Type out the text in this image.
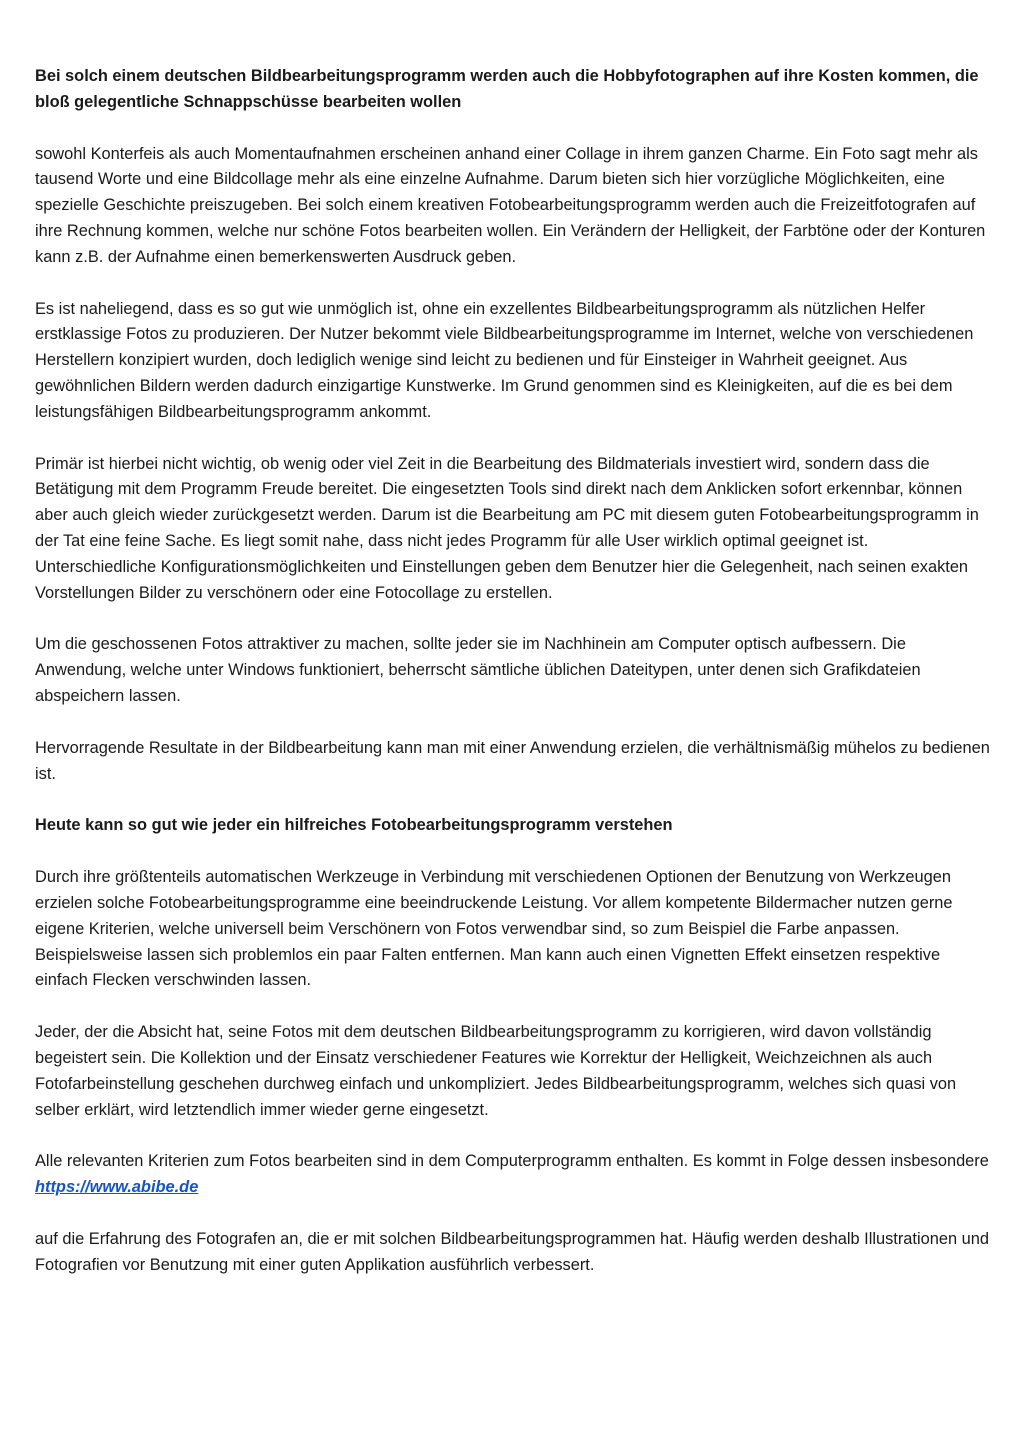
Bei solch einem deutschen Bildbearbeitungsprogramm werden auch die Hobbyfotographen auf ihre Kosten kommen, die bloß gelegentliche Schnappschüsse bearbeiten wollen

sowohl Konterfeis als auch Momentaufnahmen erscheinen anhand einer Collage in ihrem ganzen Charme. Ein Foto sagt mehr als tausend Worte und eine Bildcollage mehr als eine einzelne Aufnahme. Darum bieten sich hier vorzügliche Möglichkeiten, eine spezielle Geschichte preiszugeben. Bei solch einem kreativen Fotobearbeitungsprogramm werden auch die Freizeitfotografen auf ihre Rechnung kommen, welche nur schöne Fotos bearbeiten wollen. Ein Verändern der Helligkeit, der Farbtöne oder der Konturen kann z.B. der Aufnahme einen bemerkenswerten Ausdruck geben.

Es ist naheliegend, dass es so gut wie unmöglich ist, ohne ein exzellentes Bildbearbeitungsprogramm als nützlichen Helfer erstklassige Fotos zu produzieren. Der Nutzer bekommt viele Bildbearbeitungsprogramme im Internet, welche von verschiedenen Herstellern konzipiert wurden, doch lediglich wenige sind leicht zu bedienen und für Einsteiger in Wahrheit geeignet. Aus gewöhnlichen Bildern werden dadurch einzigartige Kunstwerke. Im Grund genommen sind es Kleinigkeiten, auf die es bei dem leistungsfähigen Bildbearbeitungsprogramm ankommt.

Primär ist hierbei nicht wichtig, ob wenig oder viel Zeit in die Bearbeitung des Bildmaterials investiert wird, sondern dass die Betätigung mit dem Programm Freude bereitet. Die eingesetzten Tools sind direkt nach dem Anklicken sofort erkennbar, können aber auch gleich wieder zurückgesetzt werden. Darum ist die Bearbeitung am PC mit diesem guten Fotobearbeitungsprogramm in der Tat eine feine Sache. Es liegt somit nahe, dass nicht jedes Programm für alle User wirklich optimal geeignet ist. Unterschiedliche Konfigurationsmöglichkeiten und Einstellungen geben dem Benutzer hier die Gelegenheit, nach seinen exakten Vorstellungen Bilder zu verschönern oder eine Fotocollage zu erstellen.

Um die geschossenen Fotos attraktiver zu machen, sollte jeder sie im Nachhinein am Computer optisch aufbessern. Die Anwendung, welche unter Windows funktioniert, beherrscht sämtliche üblichen Dateitypen, unter denen sich Grafikdateien abspeichern lassen.

Hervorragende Resultate in der Bildbearbeitung kann man mit einer Anwendung erzielen, die verhältnismäßig mühelos zu bedienen ist.

Heute kann so gut wie jeder ein hilfreiches Fotobearbeitungsprogramm verstehen

Durch ihre größtenteils automatischen Werkzeuge in Verbindung mit verschiedenen Optionen der Benutzung von Werkzeugen erzielen solche Fotobearbeitungsprogramme eine beeindruckende Leistung. Vor allem kompetente Bildermacher nutzen gerne eigene Kriterien, welche universell beim Verschönern von Fotos verwendbar sind, so zum Beispiel die Farbe anpassen. Beispielsweise lassen sich problemlos ein paar Falten entfernen. Man kann auch einen Vignetten Effekt einsetzen respektive einfach Flecken verschwinden lassen.

Jeder, der die Absicht hat, seine Fotos mit dem deutschen Bildbearbeitungsprogramm zu korrigieren, wird davon vollständig begeistert sein. Die Kollektion und der Einsatz verschiedener Features wie Korrektur der Helligkeit, Weichzeichnen als auch Fotofarbeinstellung geschehen durchweg einfach und unkompliziert. Jedes Bildbearbeitungsprogramm, welches sich quasi von selber erklärt, wird letztendlich immer wieder gerne eingesetzt.

Alle relevanten Kriterien zum Fotos bearbeiten sind in dem Computerprogramm enthalten. Es kommt in Folge dessen insbesondere https://www.abibe.de

auf die Erfahrung des Fotografen an, die er mit solchen Bildbearbeitungsprogrammen hat. Häufig werden deshalb Illustrationen und Fotografien vor Benutzung mit einer guten Applikation ausführlich verbessert.
